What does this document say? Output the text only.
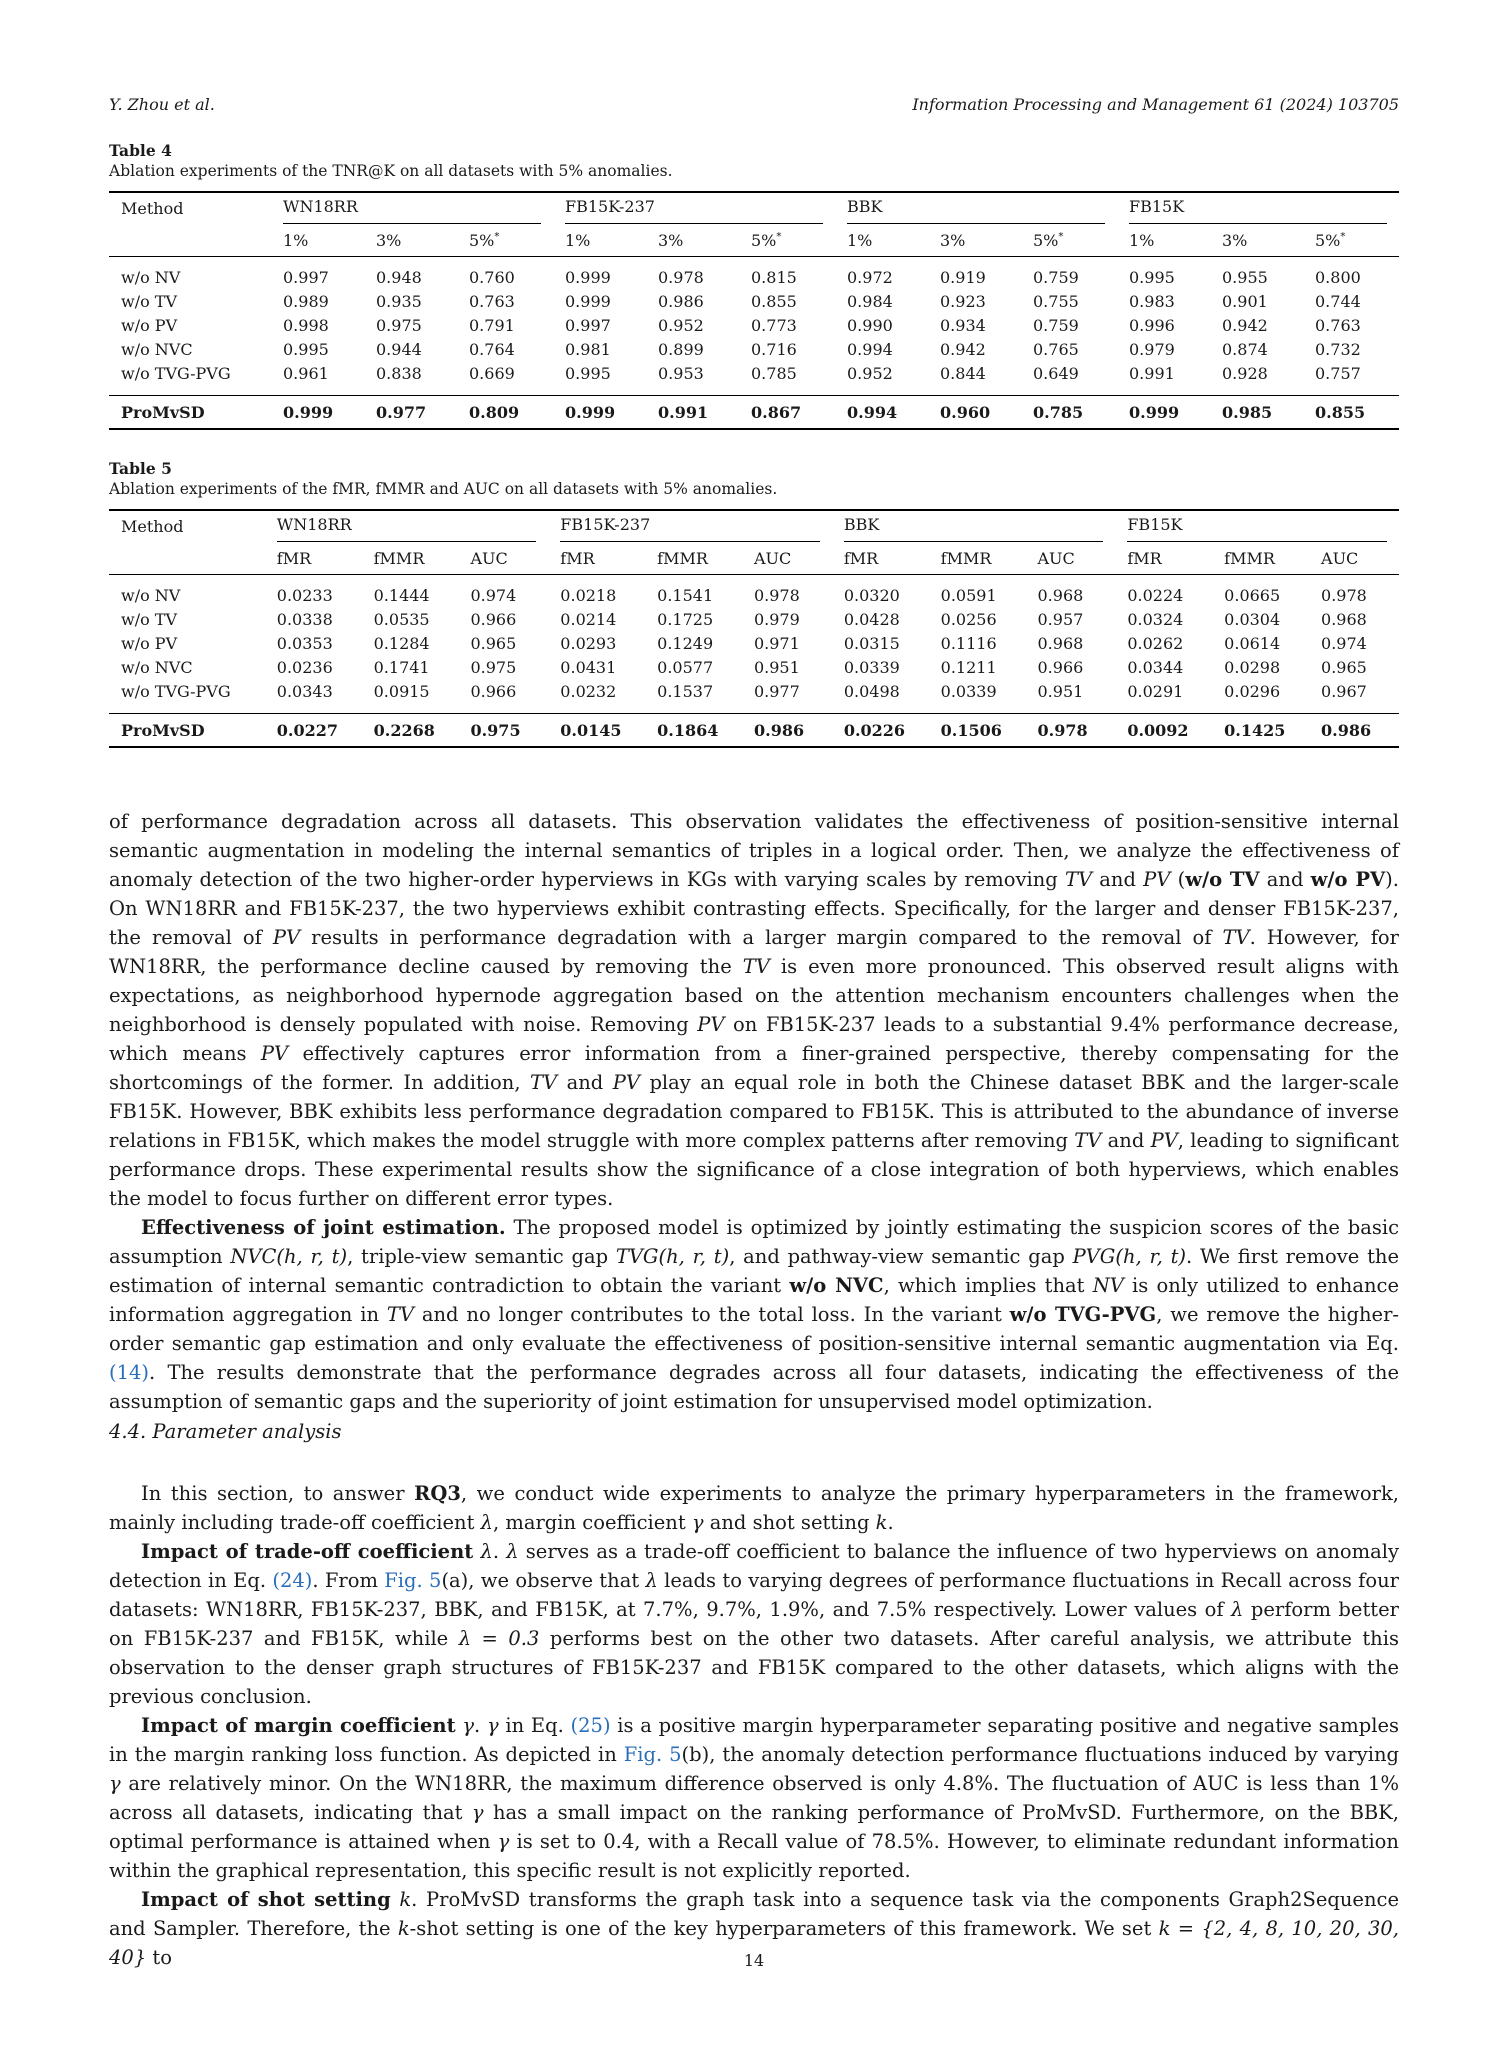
Y. Zhou et al.	Information Processing and Management 61 (2024) 103705
Table 4
Ablation experiments of the TNR@K on all datasets with 5% anomalies.
Method	WN18RR			FB15K-237			BBK			FB15K		

	1%	3%	5%*	1%	3%	5%*	1%	3%	5%*	1%	3%	5%*
w/o NV	0.997	0.948	0.760	0.999	0.978	0.815	0.972	0.919	0.759	0.995	0.955	0.800
w/o TV	0.989	0.935	0.763	0.999	0.986	0.855	0.984	0.923	0.755	0.983	0.901	0.744
w/o PV	0.998	0.975	0.791	0.997	0.952	0.773	0.990	0.934	0.759	0.996	0.942	0.763
w/o NVC	0.995	0.944	0.764	0.981	0.899	0.716	0.994	0.942	0.765	0.979	0.874	0.732
w/o TVG-PVG	0.961	0.838	0.669	0.995	0.953	0.785	0.952	0.844	0.649	0.991	0.928	0.757
ProMvSD	0.999	0.977	0.809	0.999	0.991	0.867	0.994	0.960	0.785	0.999	0.985	0.855
Table 5
Ablation experiments of the fMR, fMMR and AUC on all datasets with 5% anomalies.
Method	WN18RR			FB15K-237			BBK			FB15K		

	fMR	fMMR	AUC	fMR	fMMR	AUC	fMR	fMMR	AUC	fMR	fMMR	AUC
w/o NV	0.0233	0.1444	0.974	0.0218	0.1541	0.978	0.0320	0.0591	0.968	0.0224	0.0665	0.978
w/o TV	0.0338	0.0535	0.966	0.0214	0.1725	0.979	0.0428	0.0256	0.957	0.0324	0.0304	0.968
w/o PV	0.0353	0.1284	0.965	0.0293	0.1249	0.971	0.0315	0.1116	0.968	0.0262	0.0614	0.974
w/o NVC	0.0236	0.1741	0.975	0.0431	0.0577	0.951	0.0339	0.1211	0.966	0.0344	0.0298	0.965
w/o TVG-PVG	0.0343	0.0915	0.966	0.0232	0.1537	0.977	0.0498	0.0339	0.951	0.0291	0.0296	0.967
ProMvSD	0.0227	0.2268	0.975	0.0145	0.1864	0.986	0.0226	0.1506	0.978	0.0092	0.1425	0.986

of performance degradation across all datasets. This observation validates the effectiveness of position-sensitive internal semantic augmentation in modeling the internal semantics of triples in a logical order. Then, we analyze the effectiveness of anomaly detection of the two higher-order hyperviews in KGs with varying scales by removing TV and PV (w/o TV and w/o PV). On WN18RR and FB15K-237, the two hyperviews exhibit contrasting effects. Specifically, for the larger and denser FB15K-237, the removal of PV results in performance degradation with a larger margin compared to the removal of TV. However, for WN18RR, the performance decline caused by removing the TV is even more pronounced. This observed result aligns with expectations, as neighborhood hypernode aggregation based on the attention mechanism encounters challenges when the neighborhood is densely populated with noise. Removing PV on FB15K-237 leads to a substantial 9.4% performance decrease, which means PV effectively captures error information from a finer-grained perspective, thereby compensating for the shortcomings of the former. In addition, TV and PV play an equal role in both the Chinese dataset BBK and the larger-scale FB15K. However, BBK exhibits less performance degradation compared to FB15K. This is attributed to the abundance of inverse relations in FB15K, which makes the model struggle with more complex patterns after removing TV and PV, leading to significant performance drops. These experimental results show the significance of a close integration of both hyperviews, which enables the model to focus further on different error types.

Effectiveness of joint estimation. The proposed model is optimized by jointly estimating the suspicion scores of the basic assumption NVC(h, r, t), triple-view semantic gap TVG(h, r, t), and pathway-view semantic gap PVG(h, r, t). We first remove the estimation of internal semantic contradiction to obtain the variant w/o NVC, which implies that NV is only utilized to enhance information aggregation in TV and no longer contributes to the total loss. In the variant w/o TVG-PVG, we remove the higher-order semantic gap estimation and only evaluate the effectiveness of position-sensitive internal semantic augmentation via Eq. (14). The results demonstrate that the performance degrades across all four datasets, indicating the effectiveness of the assumption of semantic gaps and the superiority of joint estimation for unsupervised model optimization.

4.4. Parameter analysis

In this section, to answer RQ3, we conduct wide experiments to analyze the primary hyperparameters in the framework, mainly including trade-off coefficient λ, margin coefficient γ and shot setting k.

Impact of trade-off coefficient λ. λ serves as a trade-off coefficient to balance the influence of two hyperviews on anomaly detection in Eq. (24). From Fig. 5(a), we observe that λ leads to varying degrees of performance fluctuations in Recall across four datasets: WN18RR, FB15K-237, BBK, and FB15K, at 7.7%, 9.7%, 1.9%, and 7.5% respectively. Lower values of λ perform better on FB15K-237 and FB15K, while λ = 0.3 performs best on the other two datasets. After careful analysis, we attribute this observation to the denser graph structures of FB15K-237 and FB15K compared to the other datasets, which aligns with the previous conclusion.

Impact of margin coefficient γ. γ in Eq. (25) is a positive margin hyperparameter separating positive and negative samples in the margin ranking loss function. As depicted in Fig. 5(b), the anomaly detection performance fluctuations induced by varying γ are relatively minor. On the WN18RR, the maximum difference observed is only 4.8%. The fluctuation of AUC is less than 1% across all datasets, indicating that γ has a small impact on the ranking performance of ProMvSD. Furthermore, on the BBK, optimal performance is attained when γ is set to 0.4, with a Recall value of 78.5%. However, to eliminate redundant information within the graphical representation, this specific result is not explicitly reported.

Impact of shot setting k. ProMvSD transforms the graph task into a sequence task via the components Graph2Sequence and Sampler. Therefore, the k-shot setting is one of the key hyperparameters of this framework. We set k = {2, 4, 8, 10, 20, 30, 40} to	14
